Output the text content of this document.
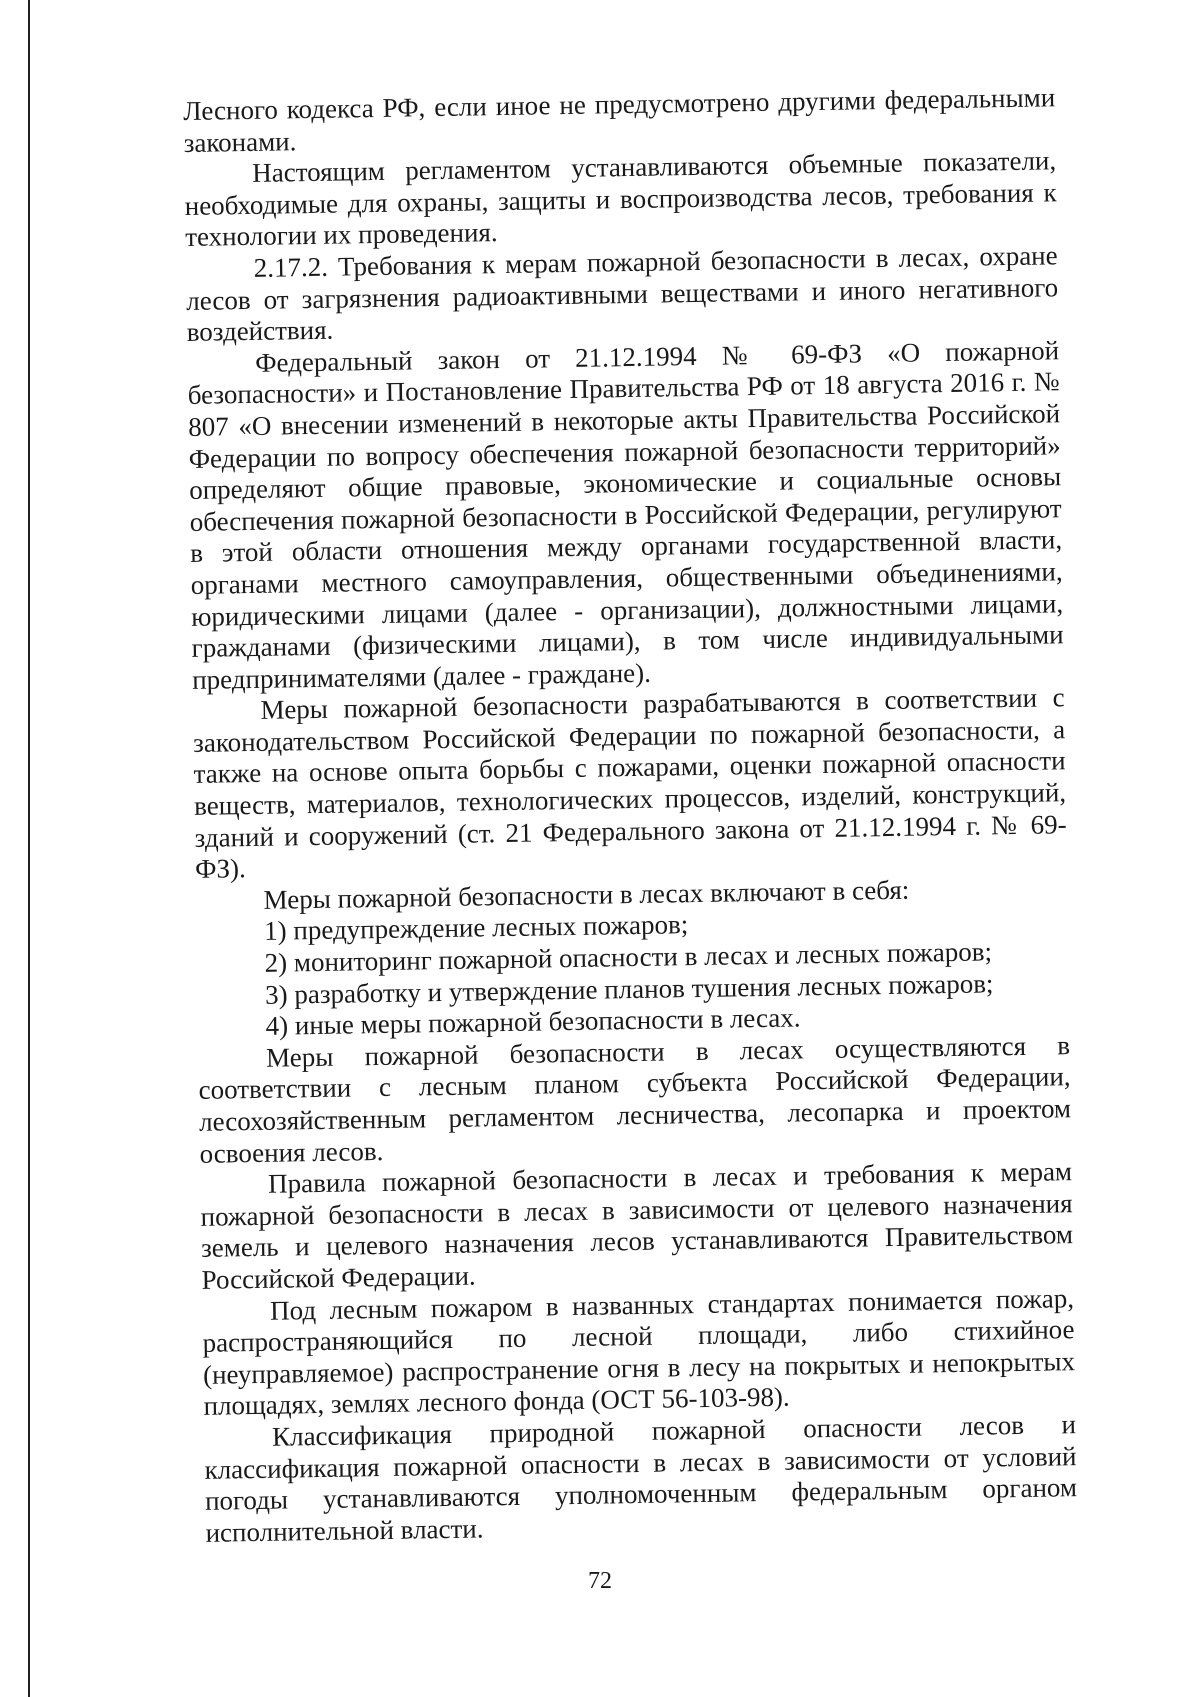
Лесного кодекса РФ, если иное не предусмотрено другими федеральными законами.

Настоящим регламентом устанавливаются объемные показатели, необходимые для охраны, защиты и воспроизводства лесов, требования к технологии их проведения.

2.17.2. Требования к мерам пожарной безопасности в лесах, охране лесов от загрязнения радиоактивными веществами и иного негативного воздействия.

Федеральный закон от 21.12.1994 № 69-ФЗ «О пожарной безопасности» и Постановление Правительства РФ от 18 августа 2016 г. № 807 «О внесении изменений в некоторые акты Правительства Российской Федерации по вопросу обеспечения пожарной безопасности территорий» определяют общие правовые, экономические и социальные основы обеспечения пожарной безопасности в Российской Федерации, регулируют в этой области отношения между органами государственной власти, органами местного самоуправления, общественными объединениями, юридическими лицами (далее - организации), должностными лицами, гражданами (физическими лицами), в том числе индивидуальными предпринимателями (далее - граждане).

Меры пожарной безопасности разрабатываются в соответствии с законодательством Российской Федерации по пожарной безопасности, а также на основе опыта борьбы с пожарами, оценки пожарной опасности веществ, материалов, технологических процессов, изделий, конструкций, зданий и сооружений (ст. 21 Федерального закона от 21.12.1994 г. № 69-ФЗ).

Меры пожарной безопасности в лесах включают в себя:

1) предупреждение лесных пожаров;

2) мониторинг пожарной опасности в лесах и лесных пожаров;

3) разработку и утверждение планов тушения лесных пожаров;

4) иные меры пожарной безопасности в лесах.

Меры пожарной безопасности в лесах осуществляются в соответствии с лесным планом субъекта Российской Федерации, лесохозяйственным регламентом лесничества, лесопарка и проектом освоения лесов.

Правила пожарной безопасности в лесах и требования к мерам пожарной безопасности в лесах в зависимости от целевого назначения земель и целевого назначения лесов устанавливаются Правительством Российской Федерации.

Под лесным пожаром в названных стандартах понимается пожар, распространяющийся по лесной площади, либо стихийное (неуправляемое) распространение огня в лесу на покрытых и непокрытых площадях, землях лесного фонда (ОСТ 56-103-98).

Классификация природной пожарной опасности лесов и классификация пожарной опасности в лесах в зависимости от условий погоды устанавливаются уполномоченным федеральным органом исполнительной власти.

72
